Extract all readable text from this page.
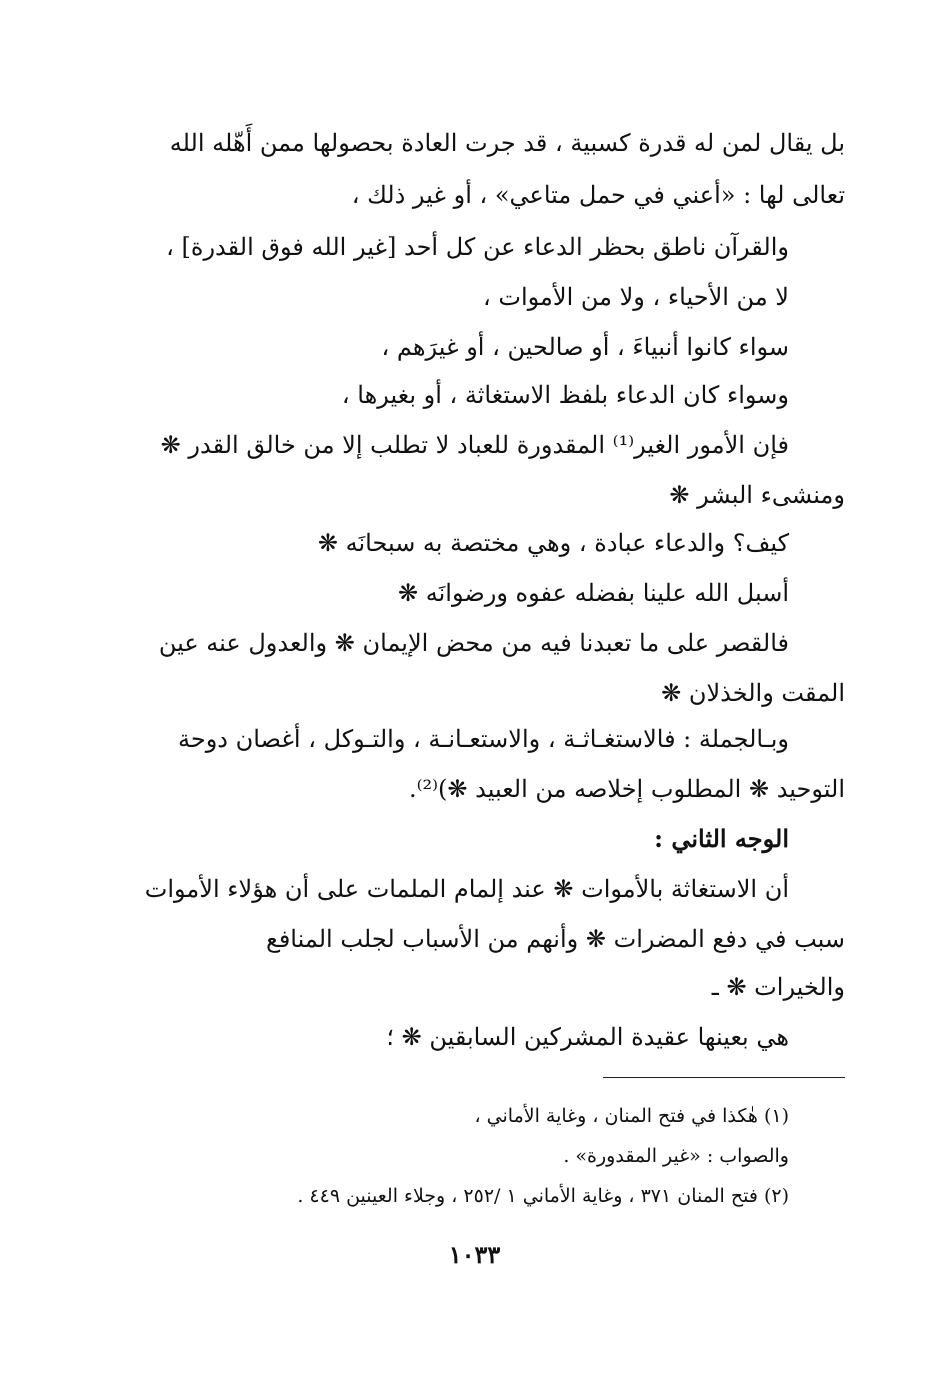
بل يقال لمن له قدرة كسبية ، قد جرت العادة بحصولها ممن أَهّله الله
تعالى لها : «أعني في حمل متاعي» ، أو غير ذلك ،
والقرآن ناطق بحظر الدعاء عن كل أحد [غير الله فوق القدرة] ،
لا من الأحياء ، ولا من الأموات ،
سواء كانوا أنبياءَ ، أو صالحين ، أو غيرَهم ،
وسواء كان الدعاء بلفظ الاستغاثة ، أو بغيرها ،
فإن الأمور الغير⁽¹⁾ المقدورة للعباد لا تطلب إلا من خالق القدر ❋
ومنشىء البشر ❋
كيف؟ والدعاء عبادة ، وهي مختصة به سبحانَه ❋
أسبل الله علينا بفضله عفوه ورضوانَه ❋
فالقصر على ما تعبدنا فيه من محض الإيمان ❋ والعدول عنه عين
المقت والخذلان ❋
وبـالجملة : فالاستغـاثـة ، والاستعـانـة ، والتـوكل ، أغصان دوحة
التوحيد ❋ المطلوب إخلاصه من العبيد ❋)⁽²⁾.
الوجه الثاني :
أن الاستغاثة بالأموات ❋ عند إلمام الملمات على أن هؤلاء الأموات
سبب في دفع المضرات ❋ وأنهم من الأسباب لجلب المنافع
والخيرات ❋ ـ
هي بعينها عقيدة المشركين السابقين ❋ ؛
(١) هٰكذا في فتح المنان ، وغاية الأماني ،
والصواب : «غير المقدورة» .
(٢) فتح المنان ٣٧١ ، وغاية الأماني ١ /٢٥٢ ، وجلاء العينين ٤٤٩ .
١٠٣٣
